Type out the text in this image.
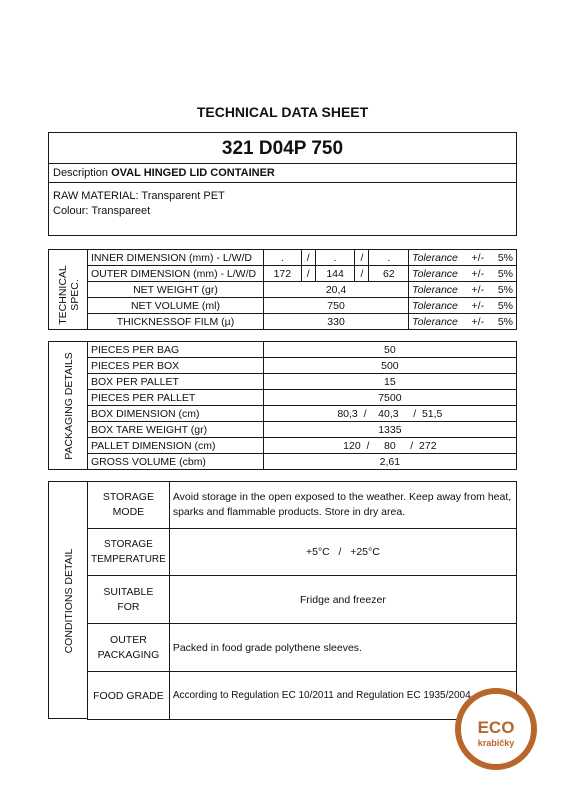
TECHNICAL DATA SHEET
321 D04P 750
Description OVAL HINGED LID CONTAINER
RAW MATERIAL: Transparent PET
Colour: Transpareet
TECHNICAL SPEC.
INNER DIMENSION (mm) - L/W/D	.	/	.	/	.	Tolerance	+/-	5%
OUTER DIMENSION (mm) - L/W/D	172	/	144	/	62	Tolerance	+/-	5%
NET WEIGHT (gr)	20,4					Tolerance	+/-	5%
NET VOLUME (ml)	750					Tolerance	+/-	5%
THICKNESSOF FILM (µ)	330					Tolerance	+/-	5%
PACKAGING DETAILS
PIECES PER BAG	50
PIECES PER BOX	500
BOX PER PALLET	15
PIECES PER PALLET	7500
BOX DIMENSION (cm)	80,3  /    40,3     /  51,5
BOX TARE WEIGHT (gr)	1335
PALLET DIMENSION (cm)	120  /     80     /  272
GROSS VOLUME (cbm)	2,61
CONDITIONS DETAIL
STORAGE
MODE	Avoid storage in the open exposed to the weather. Keep away from heat, sparks and flammable products. Store in dry area.
STORAGE
TEMPERATURE	+5°C   /   +25°C
SUITABLE
FOR	Fridge and freezer
OUTER
PACKAGING	Packed in food grade polythene sleeves.
FOOD GRADE	According to Regulation EC 10/2011 and Regulation EC 1935/2004
ECO
krabičky
